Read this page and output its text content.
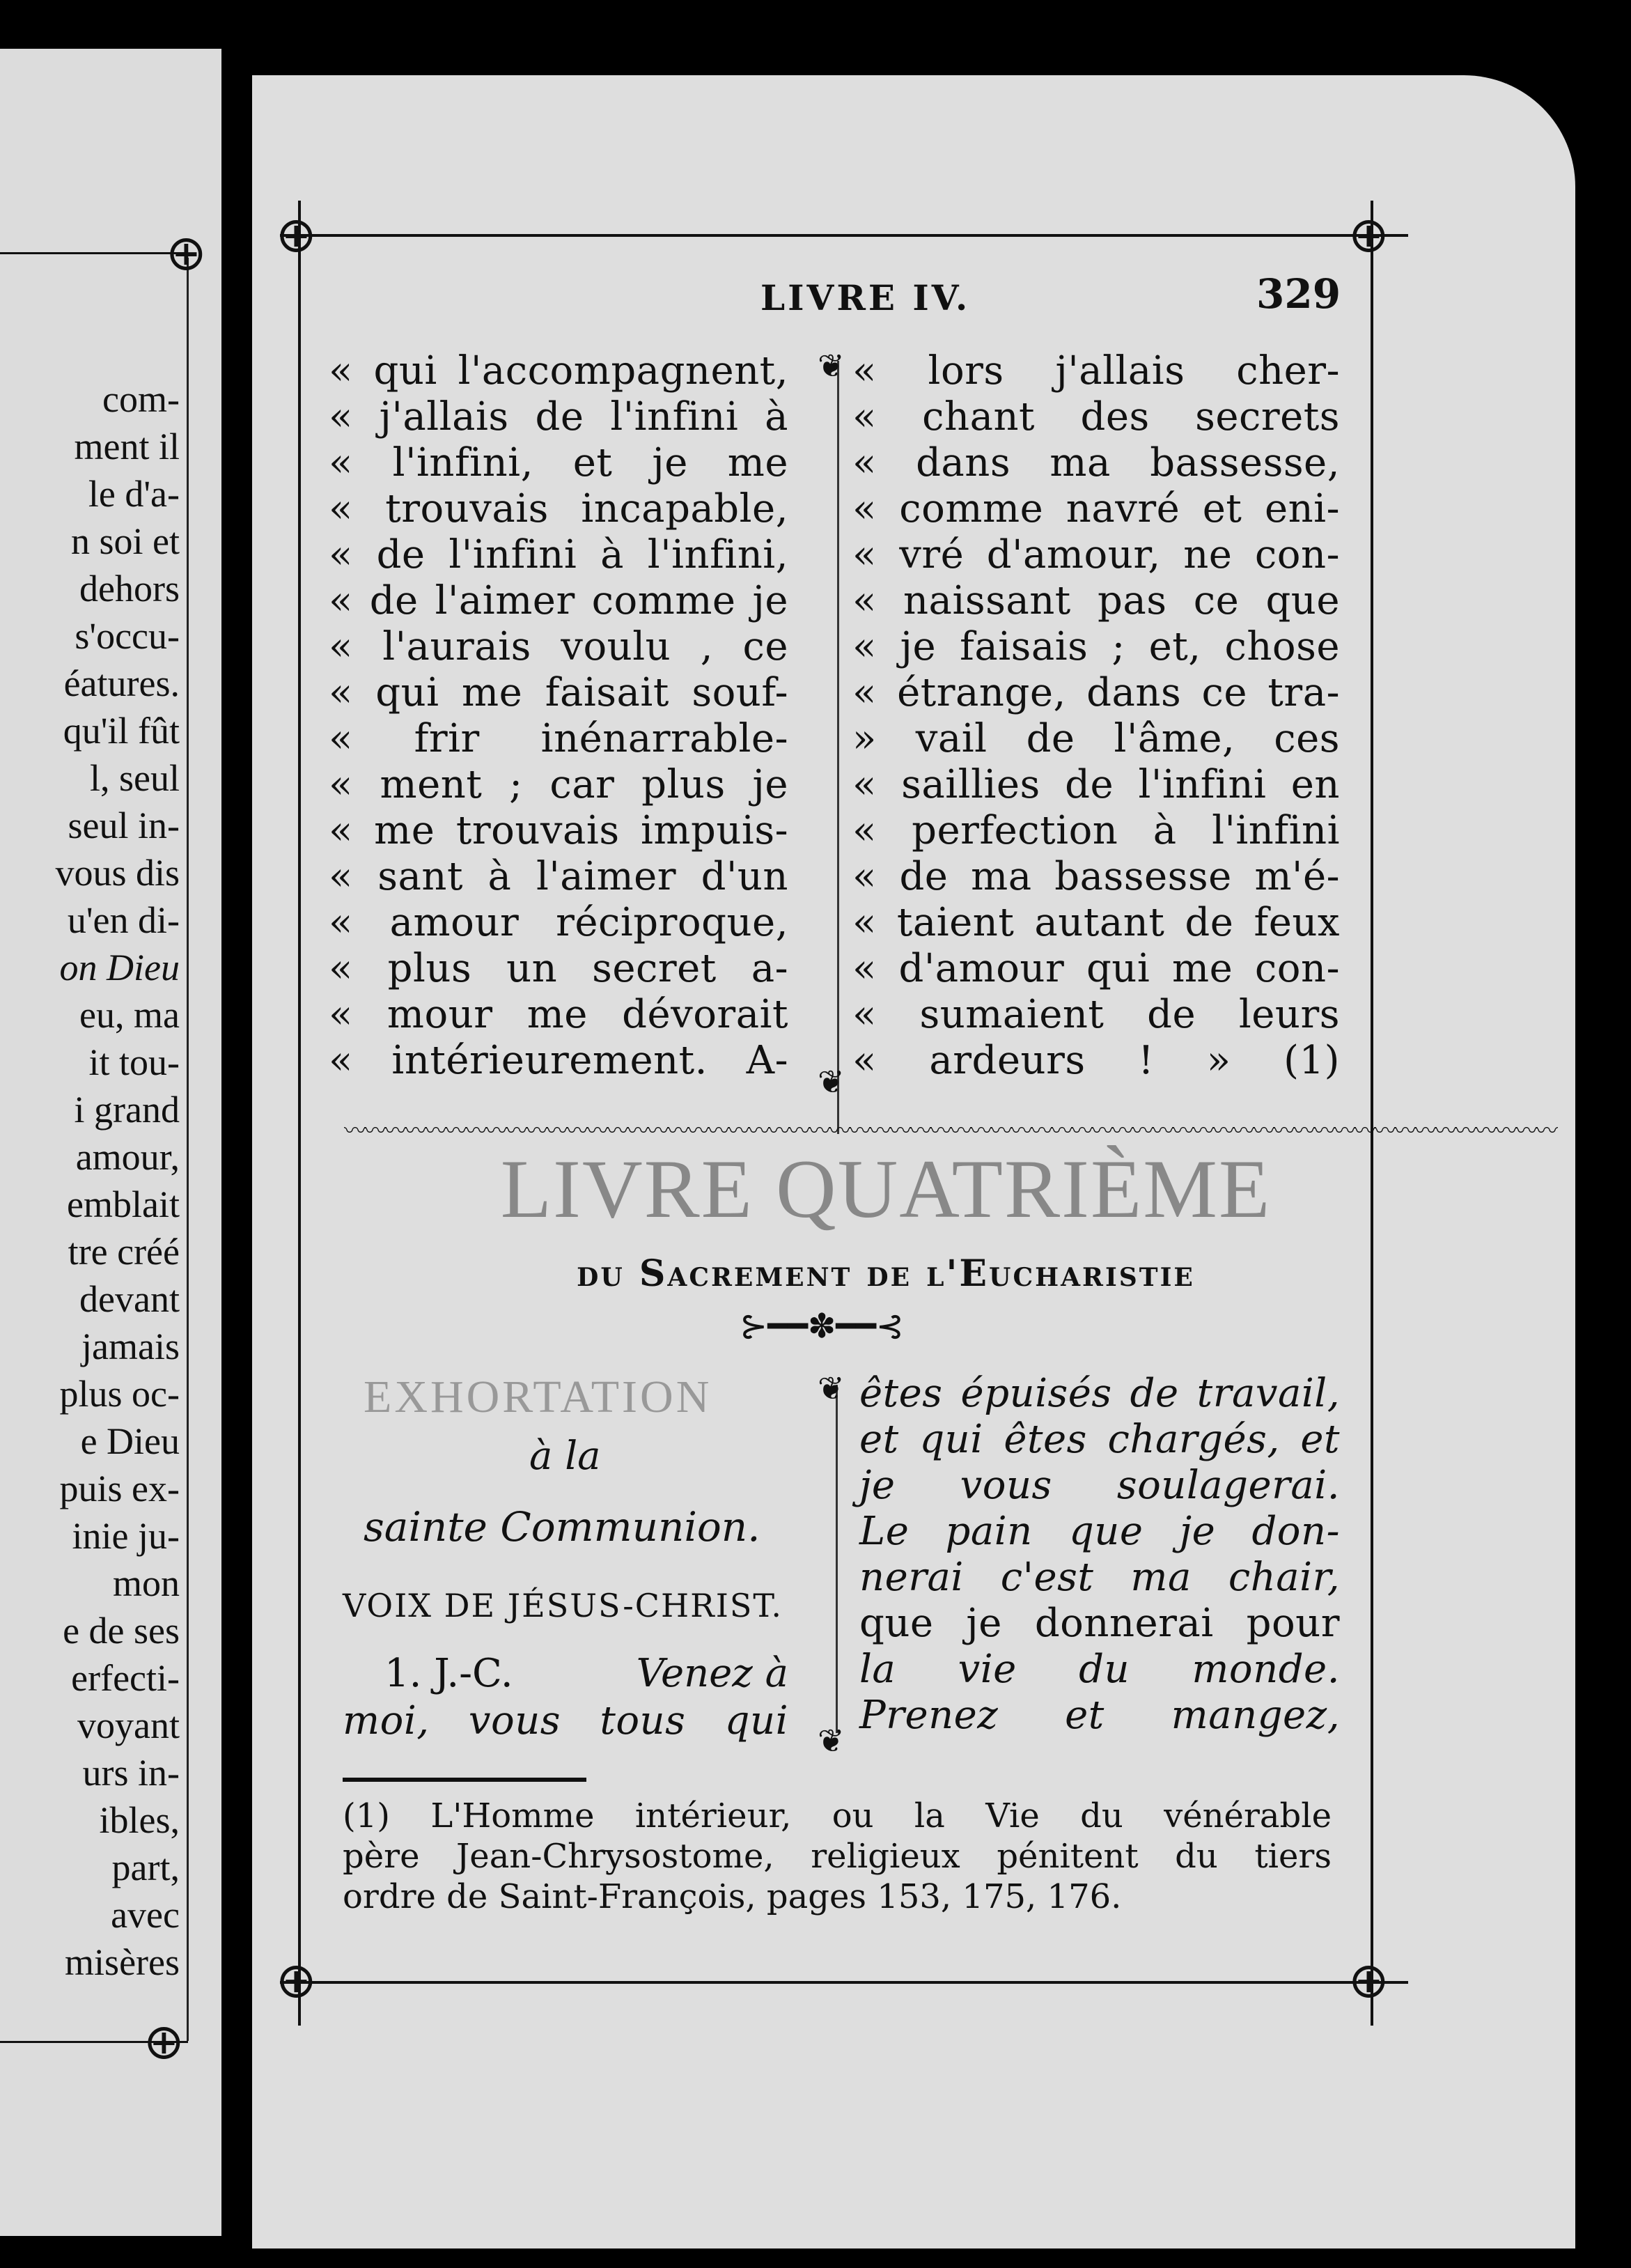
⊕
⊕
com-
ment il
le d'a-
n soi et
dehors
s'occu-
éatures.
qu'il fût
l, seul
seul in-
vous dis
u'en di-
on Dieu
eu, ma
it tou-
i grand
amour,
emblait
tre créé
devant
jamais
plus oc-
e Dieu
puis ex-
inie ju-
mon
e de ses
erfecti-
voyant
urs in-
ibles,
part,
avec
misères
⊕	⊕
⊕	⊕
LIVRE IV.	329
« qui l'accompagnent,
« j'allais de l'infini à
« l'infini, et je me
« trouvais incapable,
« de l'infini à l'infini,
« de l'aimer comme je
« l'aurais voulu , ce
« qui me faisait souf-
« frir inénarrable-
« ment ; car plus je
« me trouvais impuis-
« sant à l'aimer d'un
« amour réciproque,
« plus un secret a-
« mour me dévorait
« intérieurement. A-
❦
❦
« lors j'allais cher-
« chant des secrets
« dans ma bassesse,
« comme navré et eni-
« vré d'amour, ne con-
« naissant pas ce que
« je faisais ; et, chose
« étrange, dans ce tra-
» vail de l'âme, ces
« saillies de l'infini en
« perfection à l'infini
« de ma bassesse m'é-
« taient autant de feux
« d'amour qui me con-
« sumaient de leurs
« ardeurs ! » (1)
〰〰〰〰〰〰〰〰〰〰〰〰〰〰〰〰〰〰〰〰〰〰〰〰〰〰〰〰〰〰〰〰〰〰〰〰〰〰〰〰〰〰〰〰〰〰〰〰〰〰〰〰〰〰〰〰〰〰〰〰
LIVRE QUATRIÈME
du Sacrement de l'Eucharistie
⊱━━✽━━⊰
EXHORTATION
à la
sainte Communion.
VOIX DE JÉSUS-CHRIST.
1. J.-C.	Venez à
moi, vous tous qui
❦
❦
êtes épuisés de travail,
et qui êtes chargés, et
je vous soulagerai.
Le pain que je don-
nerai c'est ma chair,
que je donnerai pour
la vie du monde.
Prenez et mangez,
(1) L'Homme intérieur, ou la Vie du vénérable
père Jean-Chrysostome, religieux pénitent du tiers
ordre de Saint-François, pages 153, 175, 176.
